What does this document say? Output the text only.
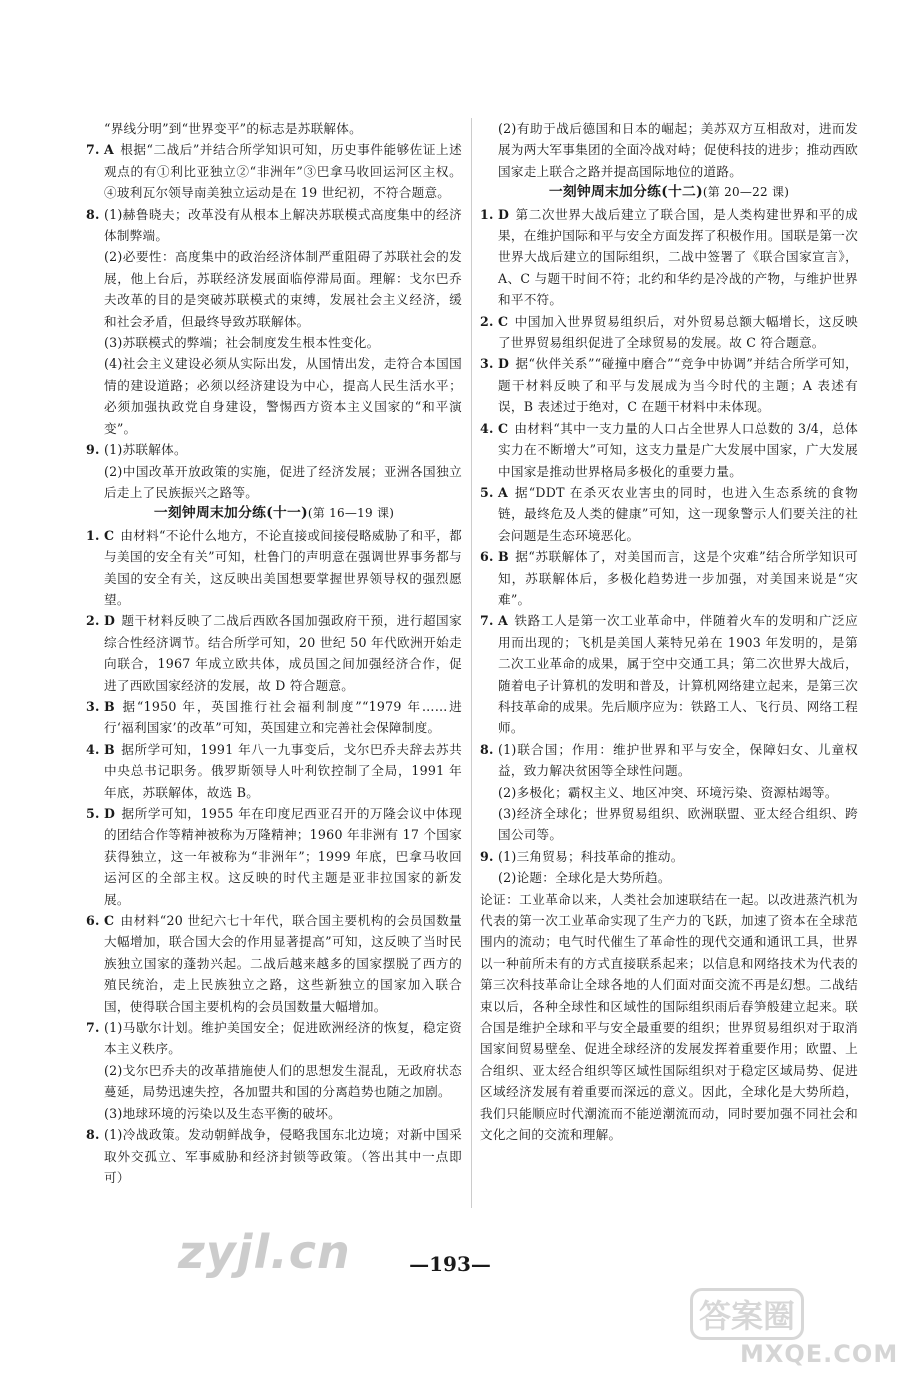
“界线分明”到“世界变平”的标志是苏联解体。

7. A 根据“二战后”并结合所学知识可知，历史事件能够佐证上述观点的有①利比亚独立②“非洲年”③巴拿马收回运河区主权。④玻利瓦尔领导南美独立运动是在 19 世纪初，不符合题意。
8. (1)赫鲁晓夫；改革没有从根本上解决苏联模式高度集中的经济体制弊端。
(2)必要性：高度集中的政治经济体制严重阻碍了苏联社会的发展，他上台后，苏联经济发展面临停滞局面。理解：戈尔巴乔夫改革的目的是突破苏联模式的束缚，发展社会主义经济，缓和社会矛盾，但最终导致苏联解体。
(3)苏联模式的弊端；社会制度发生根本性变化。
(4)社会主义建设必须从实际出发，从国情出发，走符合本国国情的建设道路；必须以经济建设为中心，提高人民生活水平；必须加强执政党自身建设，警惕西方资本主义国家的“和平演变”。
9. (1)苏联解体。
(2)中国改革开放政策的实施，促进了经济发展；亚洲各国独立后走上了民族振兴之路等。

一刻钟周末加分练(十一)(第 16—19 课)

1. C 由材料“不论什么地方，不论直接或间接侵略威胁了和平，都与美国的安全有关”可知，杜鲁门的声明意在强调世界事务都与美国的安全有关，这反映出美国想要掌握世界领导权的强烈愿望。
2. D 题干材料反映了二战后西欧各国加强政府干预，进行超国家综合性经济调节。结合所学可知，20 世纪 50 年代欧洲开始走向联合，1967 年成立欧共体，成员国之间加强经济合作，促进了西欧国家经济的发展，故 D 符合题意。
3. B 据“1950 年，英国推行社会福利制度”“1979 年……进行‘福利国家’的改革”可知，英国建立和完善社会保障制度。
4. B 据所学可知，1991 年八一九事变后，戈尔巴乔夫辞去苏共中央总书记职务。俄罗斯领导人叶利钦控制了全局，1991 年年底，苏联解体，故选 B。
5. D 据所学可知，1955 年在印度尼西亚召开的万隆会议中体现的团结合作等精神被称为万隆精神；1960 年非洲有 17 个国家获得独立，这一年被称为“非洲年”；1999 年底，巴拿马收回运河区的全部主权。这反映的时代主题是亚非拉国家的新发展。
6. C 由材料“20 世纪六七十年代，联合国主要机构的会员国数量大幅增加，联合国大会的作用显著提高”可知，这反映了当时民族独立国家的蓬勃兴起。二战后越来越多的国家摆脱了西方的殖民统治，走上民族独立之路，这些新独立的国家加入联合国，使得联合国主要机构的会员国数量大幅增加。
7. (1)马歇尔计划。维护美国安全；促进欧洲经济的恢复，稳定资本主义秩序。
(2)戈尔巴乔夫的改革措施使人们的思想发生混乱，无政府状态蔓延，局势迅速失控，各加盟共和国的分离趋势也随之加剧。
(3)地球环境的污染以及生态平衡的破坏。
8. (1)冷战政策。发动朝鲜战争，侵略我国东北边境；对新中国采取外交孤立、军事威胁和经济封锁等政策。（答出其中一点即可）

(2)有助于战后德国和日本的崛起；美苏双方互相敌对，进而发展为两大军事集团的全面冷战对峙；促使科技的进步；推动西欧国家走上联合之路并提高国际地位的道路。

一刻钟周末加分练(十二)(第 20—22 课)

1. D 第二次世界大战后建立了联合国，是人类构建世界和平的成果，在维护国际和平与安全方面发挥了积极作用。国联是第一次世界大战后建立的国际组织，二战中签署了《联合国家宣言》，A、C 与题干时间不符；北约和华约是冷战的产物，与维护世界和平不符。
2. C 中国加入世界贸易组织后，对外贸易总额大幅增长，这反映了世界贸易组织促进了全球贸易的发展。故 C 符合题意。
3. D 据“伙伴关系”“碰撞中磨合”“竞争中协调”并结合所学可知，题干材料反映了和平与发展成为当今时代的主题；A 表述有误，B 表述过于绝对，C 在题干材料中未体现。
4. C 由材料“其中一支力量的人口占全世界人口总数的 3/4，总体实力在不断增大”可知，这支力量是广大发展中国家，广大发展中国家是推动世界格局多极化的重要力量。
5. A 据“DDT 在杀灭农业害虫的同时，也进入生态系统的食物链，最终危及人类的健康”可知，这一现象警示人们要关注的社会问题是生态环境恶化。
6. B 据“苏联解体了，对美国而言，这是个灾难”结合所学知识可知，苏联解体后，多极化趋势进一步加强，对美国来说是“灾难”。
7. A 铁路工人是第一次工业革命中，伴随着火车的发明和广泛应用而出现的；飞机是美国人莱特兄弟在 1903 年发明的，是第二次工业革命的成果，属于空中交通工具；第二次世界大战后，随着电子计算机的发明和普及，计算机网络建立起来，是第三次科技革命的成果。先后顺序应为：铁路工人、飞行员、网络工程师。
8. (1)联合国；作用：维护世界和平与安全，保障妇女、儿童权益，致力解决贫困等全球性问题。
(2)多极化；霸权主义、地区冲突、环境污染、资源枯竭等。
(3)经济全球化；世界贸易组织、欧洲联盟、亚太经合组织、跨国公司等。
9. (1)三角贸易；科技革命的推动。
(2)论题：全球化是大势所趋。

论证：工业革命以来，人类社会加速联结在一起。以改进蒸汽机为代表的第一次工业革命实现了生产力的飞跃，加速了资本在全球范围内的流动；电气时代催生了革命性的现代交通和通讯工具，世界以一种前所未有的方式直接联系起来；以信息和网络技术为代表的第三次科技革命让全球各地的人们面对面交流不再是幻想。二战结束以后，各种全球性和区域性的国际组织雨后春笋般建立起来。联合国是维护全球和平与安全最重要的组织；世界贸易组织对于取消国家间贸易壁垒、促进全球经济的发展发挥着重要作用；欧盟、上合组织、亚太经合组织等区域性国际组织对于稳定区域局势、促进区域经济发展有着重要而深远的意义。因此，全球化是大势所趋，我们只能顺应时代潮流而不能逆潮流而动，同时要加强不同社会和文化之间的交流和理解。

—193—
zyjl.cn
答案圈
MXQE.COM
